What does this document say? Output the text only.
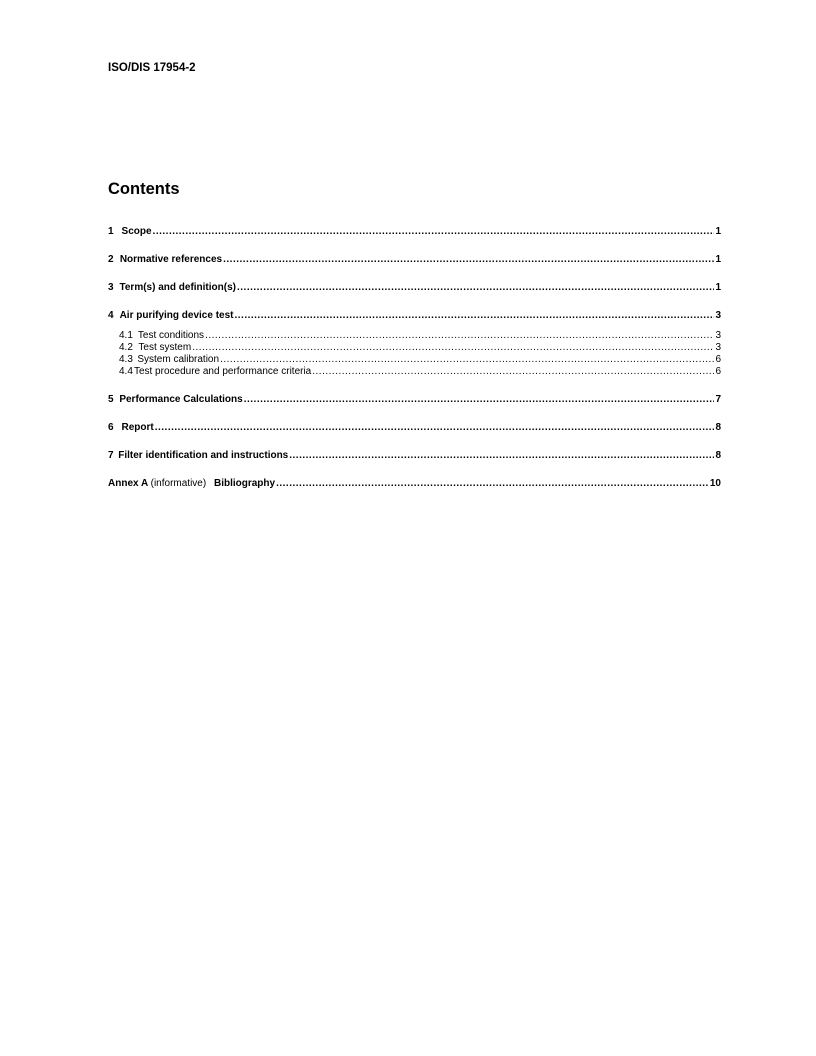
ISO/DIS 17954-2
Contents
1 Scope .....	1
2 Normative references .....	1
3 Term(s) and definition(s) .....	1
4 Air purifying device test .....	3
4.1 Test conditions .....	3
4.2 Test system .....	3
4.3 System calibration .....	6
4.4 Test procedure and performance criteria .....	6
5 Performance Calculations .....	7
6 Report .....	8
7 Filter identification and instructions .....	8
Annex A (informative) Bibliography .....	10
